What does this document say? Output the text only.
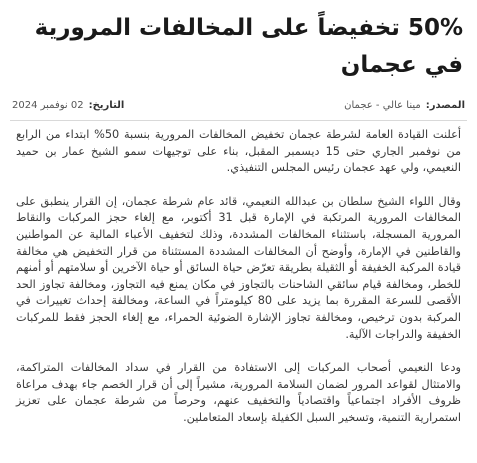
50% تخفيضاً على المخالفات المرورية في عجمان
المصدر:
مينا عالي - عجمان
التاريخ:
02 نوفمبر 2024

أعلنت القيادة العامة لشرطة عجمان تخفيض المخالفات المرورية بنسبة 50% ابتداء من الرابع من نوفمبر الجاري حتى 15 ديسمبر المقبل، بناء على توجيهات سمو الشيخ عمار بن حميد النعيمي، ولي عهد عجمان رئيس المجلس التنفيذي.

وقال اللواء الشيخ سلطان بن عبدالله النعيمي، قائد عام شرطة عجمان، إن القرار ينطبق على المخالفات المرورية المرتكبة في الإمارة قبل 31 أكتوبر، مع إلغاء حجز المركبات والنقاط المرورية المسجلة، باستثناء المخالفات المشددة، وذلك لتخفيف الأعباء المالية عن المواطنين والقاطنين في الإمارة، وأوضح أن المخالفات المشددة المستثناة من قرار التخفيض هي مخالفة قيادة المركبة الخفيفة أو الثقيلة بطريقة تعرّض حياة السائق أو حياة الآخرين أو سلامتهم أو أمنهم للخطر، ومخالفة قيام سائقي الشاحنات بالتجاوز في مكان يمنع فيه التجاوز، ومخالفة تجاوز الحد الأقصى للسرعة المقررة بما يزيد على 80 كيلومتراً في الساعة، ومخالفة إحداث تغييرات في المركبة بدون ترخيص، ومخالفة تجاوز الإشارة الضوئية الحمراء، مع إلغاء الحجز فقط للمركبات الخفيفة والدراجات الآلية.

ودعا النعيمي أصحاب المركبات إلى الاستفادة من القرار في سداد المخالفات المتراكمة، والامتثال لقواعد المرور لضمان السلامة المرورية، مشيراً إلى أن قرار الخصم جاء بهدف مراعاة ظروف الأفراد اجتماعياً واقتصادياً والتخفيف عنهم، وحرصاً من شرطة عجمان على تعزيز استمرارية التنمية، وتسخير السبل الكفيلة بإسعاد المتعاملين.
